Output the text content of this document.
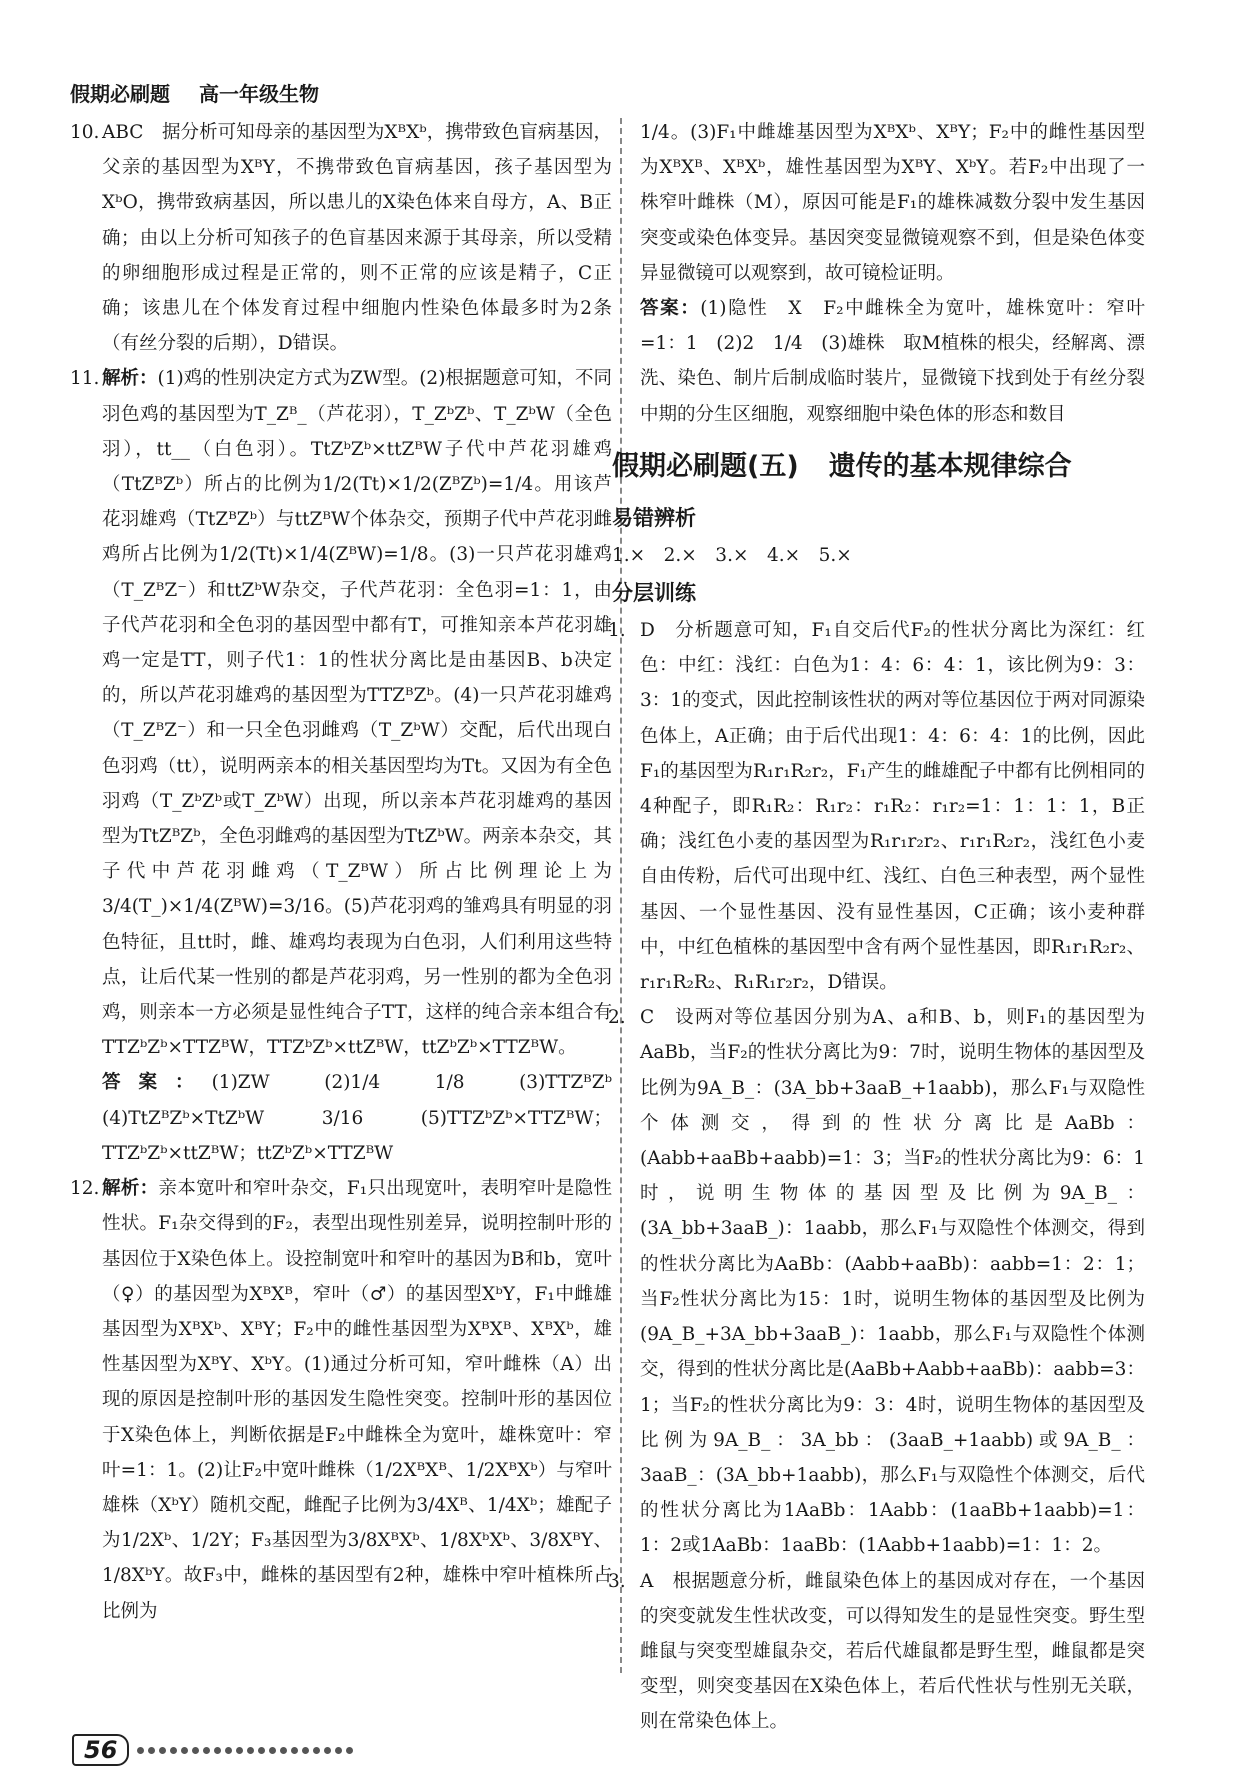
假期必刷题 高一年级生物
10. ABC　据分析可知母亲的基因型为XᴮXᵇ，携带致色盲病基因，父亲的基因型为XᴮY，不携带致色盲病基因，孩子基因型为XᵇO，携带致病基因，所以患儿的X染色体来自母方，A、B正确；由以上分析可知孩子的色盲基因来源于其母亲，所以受精的卵细胞形成过程是正常的，则不正常的应该是精子，C正确；该患儿在个体发育过程中细胞内性染色体最多时为2条（有丝分裂的后期），D错误。

11. 解析：(1)鸡的性别决定方式为ZW型。(2)根据题意可知，不同羽色鸡的基因型为T_Zᴮ_（芦花羽），T_ZᵇZᵇ、T_ZᵇW（全色羽），tt__（白色羽）。TtZᵇZᵇ×ttZᴮW子代中芦花羽雄鸡（TtZᴮZᵇ）所占的比例为1/2(Tt)×1/2(ZᴮZᵇ)=1/4。用该芦花羽雄鸡（TtZᴮZᵇ）与ttZᴮW个体杂交，预期子代中芦花羽雌鸡所占比例为1/2(Tt)×1/4(ZᴮW)=1/8。(3)一只芦花羽雄鸡（T_ZᴮZ⁻）和ttZᵇW杂交，子代芦花羽：全色羽=1：1，由子代芦花羽和全色羽的基因型中都有T，可推知亲本芦花羽雄鸡一定是TT，则子代1：1的性状分离比是由基因B、b决定的，所以芦花羽雄鸡的基因型为TTZᴮZᵇ。(4)一只芦花羽雄鸡（T_ZᴮZ⁻）和一只全色羽雌鸡（T_ZᵇW）交配，后代出现白色羽鸡（tt），说明两亲本的相关基因型均为Tt。又因为有全色羽鸡（T_ZᵇZᵇ或T_ZᵇW）出现，所以亲本芦花羽雄鸡的基因型为TtZᴮZᵇ，全色羽雌鸡的基因型为TtZᵇW。两亲本杂交，其子代中芦花羽雌鸡（T_ZᴮW）所占比例理论上为3/4(T_)×1/4(ZᴮW)=3/16。(5)芦花羽鸡的雏鸡具有明显的羽色特征，且tt时，雌、雄鸡均表现为白色羽，人们利用这些特点，让后代某一性别的都是芦花羽鸡，另一性别的都为全色羽鸡，则亲本一方必须是显性纯合子TT，这样的纯合亲本组合有TTZᵇZᵇ×TTZᴮW，TTZᵇZᵇ×ttZᴮW，ttZᵇZᵇ×TTZᴮW。

答案：(1)ZW　(2)1/4　1/8　(3)TTZᴮZᵇ　(4)TtZᴮZᵇ×TtZᵇW　3/16　(5)TTZᵇZᵇ×TTZᴮW；TTZᵇZᵇ×ttZᴮW；ttZᵇZᵇ×TTZᴮW

12. 解析：亲本宽叶和窄叶杂交，F₁只出现宽叶，表明窄叶是隐性性状。F₁杂交得到的F₂，表型出现性别差异，说明控制叶形的基因位于X染色体上。设控制宽叶和窄叶的基因为B和b，宽叶（♀）的基因型为XᴮXᴮ，窄叶（♂）的基因型XᵇY，F₁中雌雄基因型为XᴮXᵇ、XᴮY；F₂中的雌性基因型为XᴮXᴮ、XᴮXᵇ，雄性基因型为XᴮY、XᵇY。(1)通过分析可知，窄叶雌株（A）出现的原因是控制叶形的基因发生隐性突变。控制叶形的基因位于X染色体上，判断依据是F₂中雌株全为宽叶，雄株宽叶：窄叶=1：1。(2)让F₂中宽叶雌株（1/2XᴮXᴮ、1/2XᴮXᵇ）与窄叶雄株（XᵇY）随机交配，雌配子比例为3/4Xᴮ、1/4Xᵇ；雄配子为1/2Xᵇ、1/2Y；F₃基因型为3/8XᴮXᵇ、1/8XᵇXᵇ、3/8XᴮY、1/8XᵇY。故F₃中，雌株的基因型有2种，雄株中窄叶植株所占比例为

1/4。(3)F₁中雌雄基因型为XᴮXᵇ、XᴮY；F₂中的雌性基因型为XᴮXᴮ、XᴮXᵇ，雄性基因型为XᴮY、XᵇY。若F₂中出现了一株窄叶雌株（M），原因可能是F₁的雄株减数分裂中发生基因突变或染色体变异。基因突变显微镜观察不到，但是染色体变异显微镜可以观察到，故可镜检证明。

答案：(1)隐性　X　F₂中雌株全为宽叶，雄株宽叶：窄叶=1：1　(2)2　1/4　(3)雄株　取M植株的根尖，经解离、漂洗、染色、制片后制成临时装片，显微镜下找到处于有丝分裂中期的分生区细胞，观察细胞中染色体的形态和数目

假期必刷题(五) 遗传的基本规律综合
易错辨析

1.×　2.×　3.×　4.×　5.×

分层训练
1. D　分析题意可知，F₁自交后代F₂的性状分离比为深红：红色：中红：浅红：白色为1：4：6：4：1，该比例为9：3：3：1的变式，因此控制该性状的两对等位基因位于两对同源染色体上，A正确；由于后代出现1：4：6：4：1的比例，因此F₁的基因型为R₁r₁R₂r₂，F₁产生的雌雄配子中都有比例相同的4种配子，即R₁R₂：R₁r₂：r₁R₂：r₁r₂=1：1：1：1，B正确；浅红色小麦的基因型为R₁r₁r₂r₂、r₁r₁R₂r₂，浅红色小麦自由传粉，后代可出现中红、浅红、白色三种表型，两个显性基因、一个显性基因、没有显性基因，C正确；该小麦种群中，中红色植株的基因型中含有两个显性基因，即R₁r₁R₂r₂、r₁r₁R₂R₂、R₁R₁r₂r₂，D错误。

2. C　设两对等位基因分别为A、a和B、b，则F₁的基因型为AaBb，当F₂的性状分离比为9：7时，说明生物体的基因型及比例为9A_B_：(3A_bb+3aaB_+1aabb)，那么F₁与双隐性个体测交，得到的性状分离比是AaBb：(Aabb+aaBb+aabb)=1：3；当F₂的性状分离比为9：6：1时，说明生物体的基因型及比例为9A_B_：(3A_bb+3aaB_)：1aabb，那么F₁与双隐性个体测交，得到的性状分离比为AaBb：(Aabb+aaBb)：aabb=1：2：1；当F₂性状分离比为15：1时，说明生物体的基因型及比例为(9A_B_+3A_bb+3aaB_)：1aabb，那么F₁与双隐性个体测交，得到的性状分离比是(AaBb+Aabb+aaBb)：aabb=3：1；当F₂的性状分离比为9：3：4时，说明生物体的基因型及比例为9A_B_：3A_bb：(3aaB_+1aabb)或9A_B_：3aaB_：(3A_bb+1aabb)，那么F₁与双隐性个体测交，后代的性状分离比为1AaBb：1Aabb：(1aaBb+1aabb)=1：1：2或1AaBb：1aaBb：(1Aabb+1aabb)=1：1：2。

3. A　根据题意分析，雌鼠染色体上的基因成对存在，一个基因的突变就发生性状改变，可以得知发生的是显性突变。野生型雌鼠与突变型雄鼠杂交，若后代雄鼠都是野生型，雌鼠都是突变型，则突变基因在X染色体上，若后代性状与性别无关联，则在常染色体上。

56
